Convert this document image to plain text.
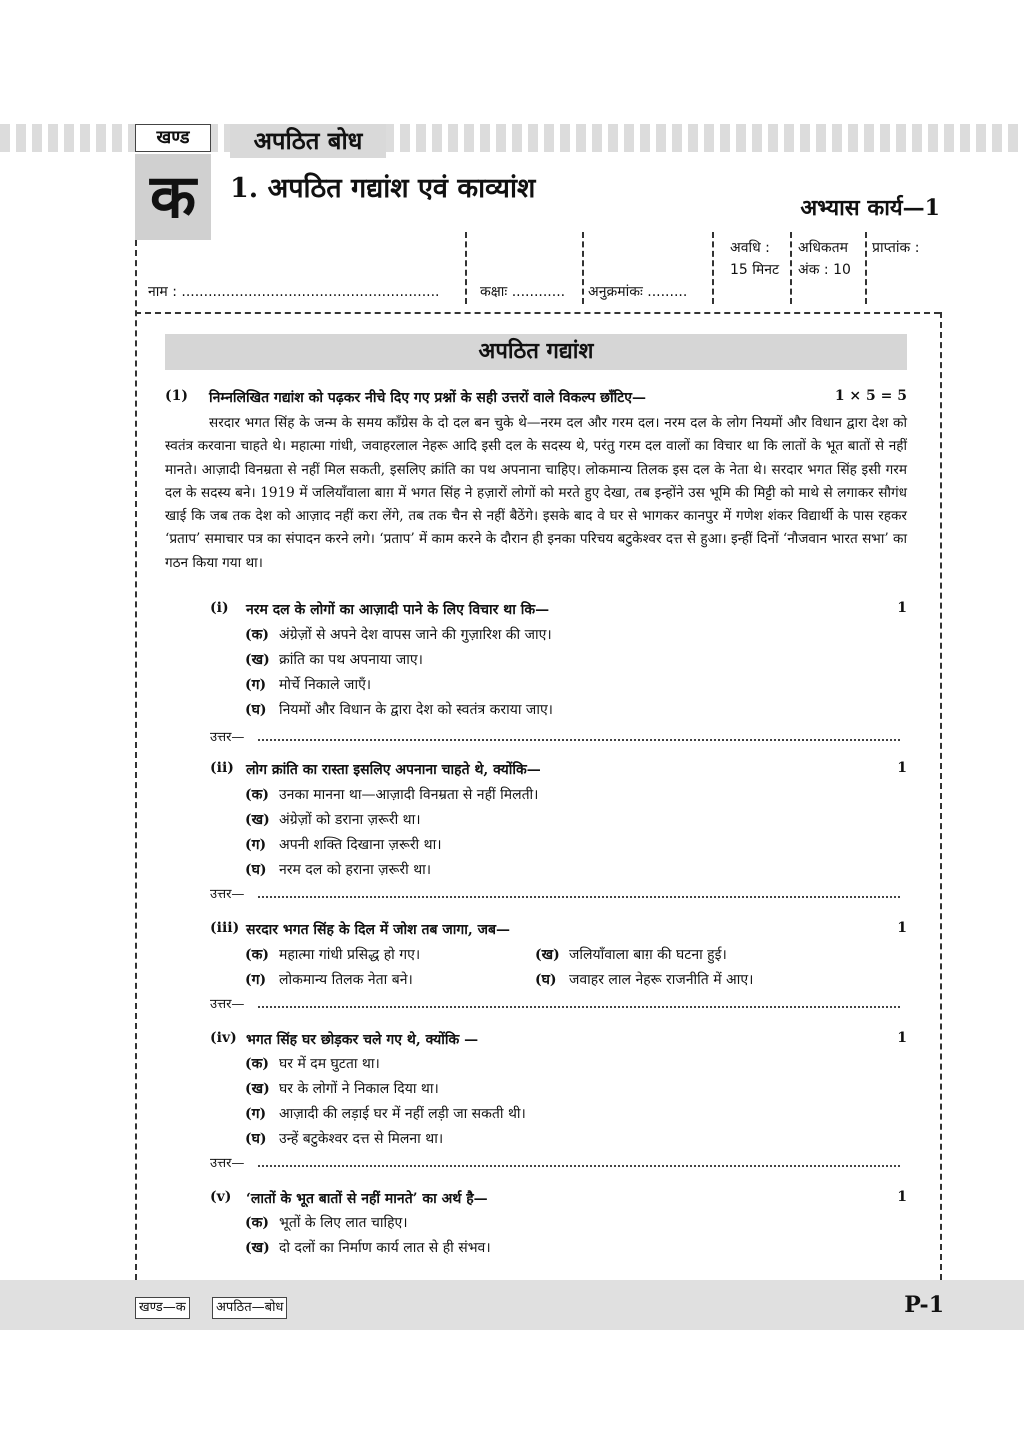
खण्ड
क
अपठित बोध
1. अपठित गद्यांश एवं काव्यांश
अभ्यास कार्य—1
नाम : ..........................................................	कक्षाः ............ अनुक्रमांकः .........
अवधि :
15 मिनट
अधिकतम
अंक : 10
प्राप्तांक :
अपठित गद्यांश
(1) निम्नलिखित गद्यांश को पढ़कर नीचे दिए गए प्रश्नों के सही उत्तरों वाले विकल्प छाँटिए—	1 × 5 = 5

सरदार भगत सिंह के जन्म के समय काँग्रेस के दो दल बन चुके थे—नरम दल और गरम दल। नरम दल के लोग नियमों और विधान द्वारा देश को स्वतंत्र करवाना चाहते थे। महात्मा गांधी, जवाहरलाल नेहरू आदि इसी दल के सदस्य थे, परंतु गरम दल वालों का विचार था कि लातों के भूत बातों से नहीं मानते। आज़ादी विनम्रता से नहीं मिल सकती, इसलिए क्रांति का पथ अपनाना चाहिए। लोकमान्य तिलक इस दल के नेता थे। सरदार भगत सिंह इसी गरम दल के सदस्य बने। 1919 में जलियाँवाला बाग़ में भगत सिंह ने हज़ारों लोगों को मरते हुए देखा, तब इन्होंने उस भूमि की मिट्टी को माथे से लगाकर सौगंध खाई कि जब तक देश को आज़ाद नहीं करा लेंगे, तब तक चैन से नहीं बैठेंगे। इसके बाद वे घर से भागकर कानपुर में गणेश शंकर विद्यार्थी के पास रहकर ‘प्रताप’ समाचार पत्र का संपादन करने लगे। ‘प्रताप’ में काम करने के दौरान ही इनका परिचय बटुकेश्वर दत्त से हुआ। इन्हीं दिनों ‘नौजवान भारत सभा’ का गठन किया गया था।

(i) नरम दल के लोगों का आज़ादी पाने के लिए विचार था कि—	1
(क) अंग्रेज़ों से अपने देश वापस जाने की गुज़ारिश की जाए।
(ख) क्रांति का पथ अपनाया जाए।
(ग) मोर्चे निकाले जाएँ।
(घ) नियमों और विधान के द्वारा देश को स्वतंत्र कराया जाए।
उत्तर—
(ii) लोग क्रांति का रास्ता इसलिए अपनाना चाहते थे, क्योंकि—	1
(क) उनका मानना था—आज़ादी विनम्रता से नहीं मिलती।
(ख) अंग्रेज़ों को डराना ज़रूरी था।
(ग) अपनी शक्ति दिखाना ज़रूरी था।
(घ) नरम दल को हराना ज़रूरी था।
उत्तर—
(iii) सरदार भगत सिंह के दिल में जोश तब जागा, जब—	1
(क) महात्मा गांधी प्रसिद्ध हो गए।	(ख) जलियाँवाला बाग़ की घटना हुई।
(ग) लोकमान्य तिलक नेता बने।	(घ) जवाहर लाल नेहरू राजनीति में आए।
उत्तर—
(iv) भगत सिंह घर छोड़कर चले गए थे, क्योंकि —	1
(क) घर में दम घुटता था।
(ख) घर के लोगों ने निकाल दिया था।
(ग) आज़ादी की लड़ाई घर में नहीं लड़ी जा सकती थी।
(घ) उन्हें बटुकेश्वर दत्त से मिलना था।
उत्तर—
(v) ‘लातों के भूत बातों से नहीं मानते’ का अर्थ है—	1
(क) भूतों के लिए लात चाहिए।
(ख) दो दलों का निर्माण कार्य लात से ही संभव।
खण्ड—क	अपठित—बोध	P-1
